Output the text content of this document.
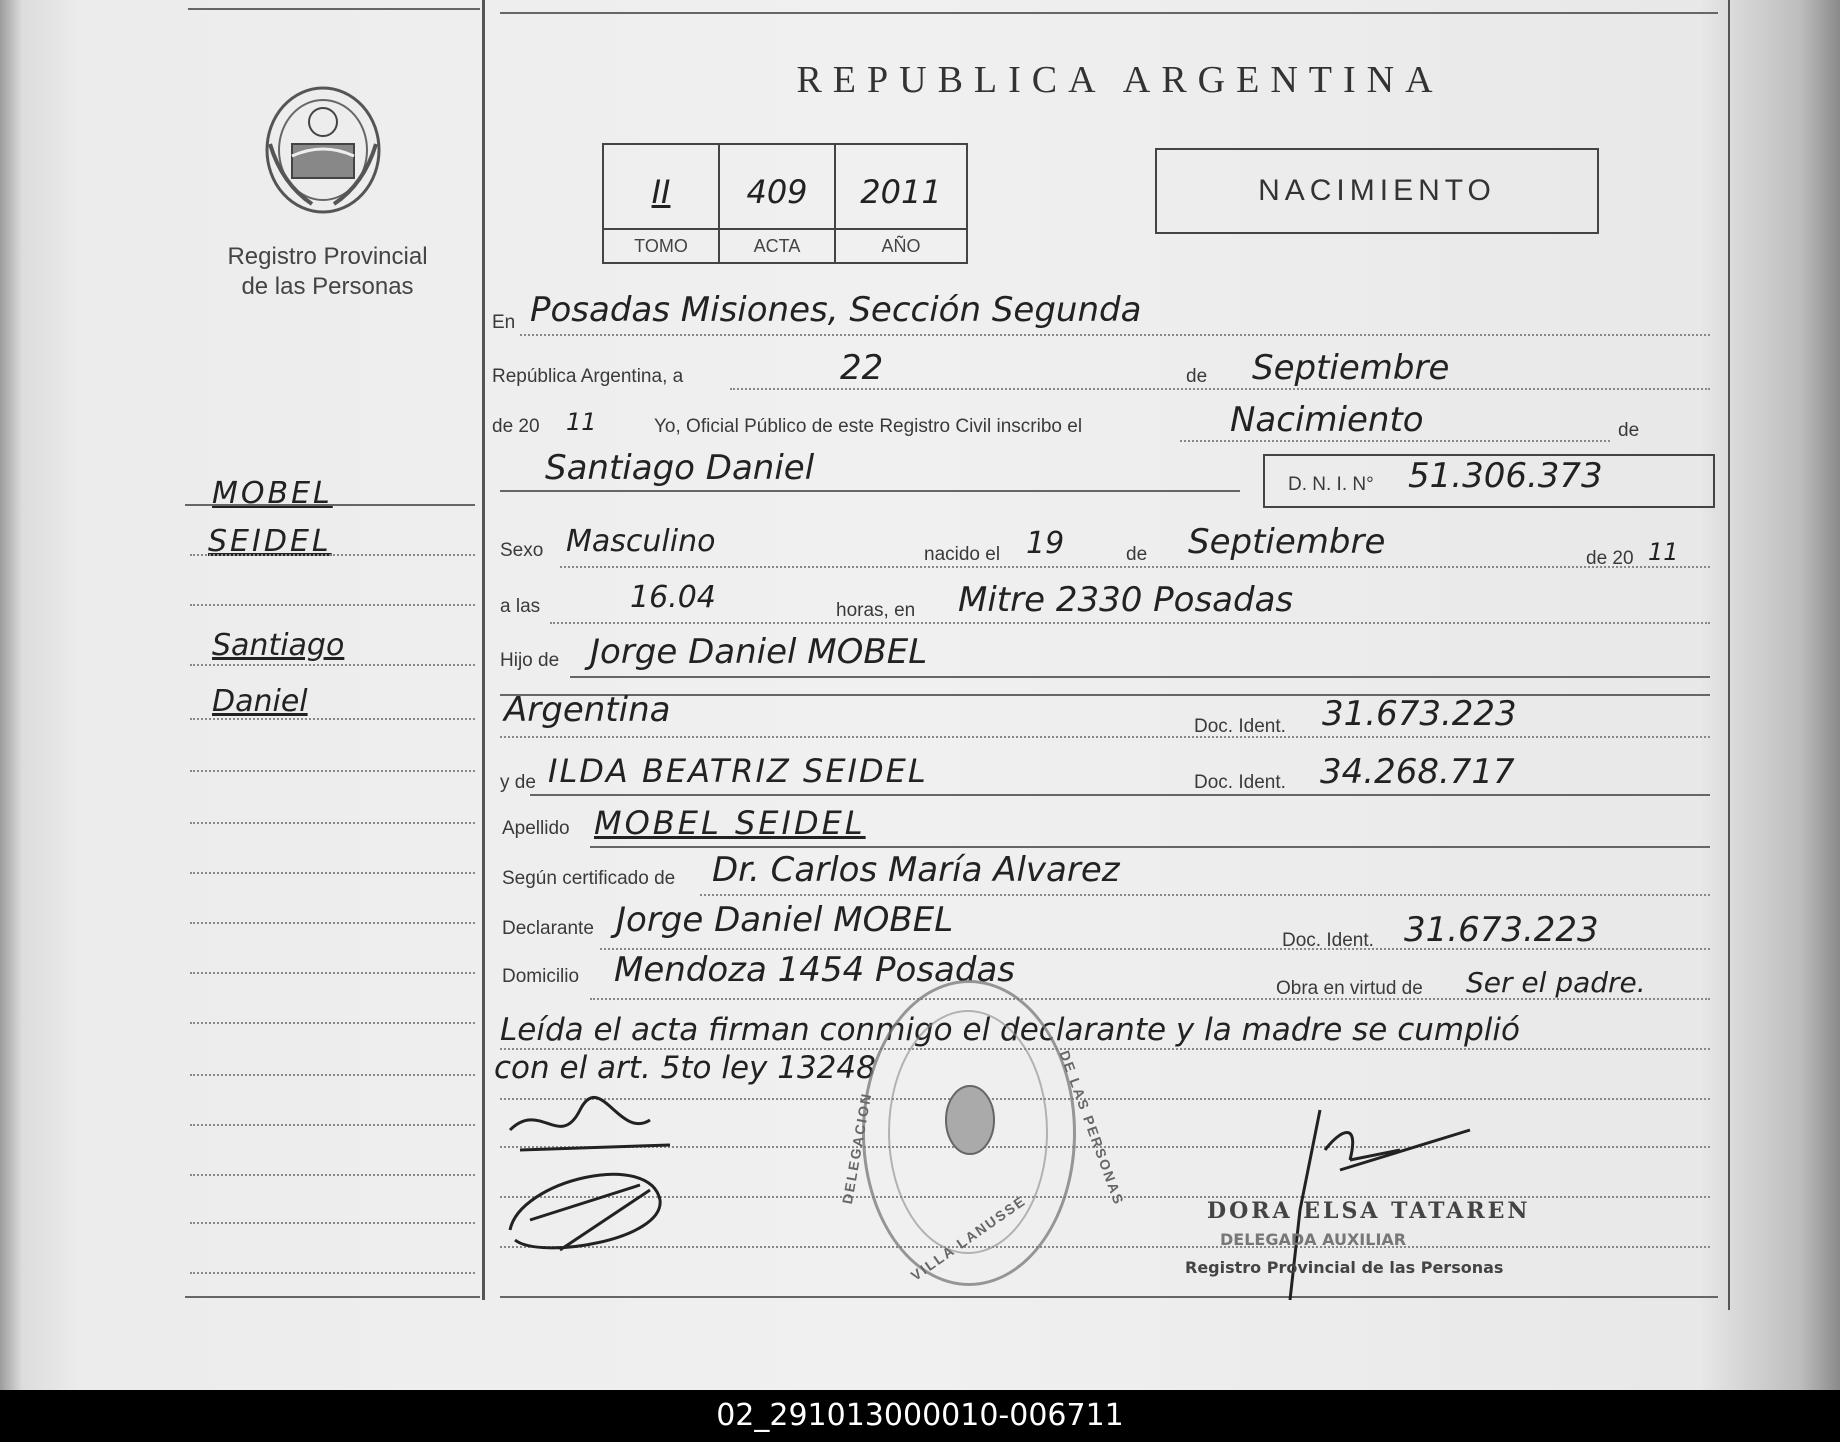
Registro Provincial
de las Personas
MOBEL
SEIDEL
Santiago
Daniel
REPUBLICA ARGENTINA
II	409	2011
TOMO	ACTA	AÑO
NACIMIENTO
En Posadas Misiones, Sección Segunda
República Argentina, a	22	de Septiembre
de 20 11	Yo, Oficial Público de este Registro Civil inscribo el	Nacimiento	de
Santiago Daniel	D. N. I. N° 51.306.373
Sexo Masculino	nacido el 19	de Septiembre	de 20 11
a las	16.04	horas, en Mitre 2330 Posadas
Hijo de Jorge Daniel MOBEL
Argentina	Doc. Ident. 31.673.223
y de ILDA BEATRIZ SEIDEL	Doc. Ident. 34.268.717
Apellido MOBEL SEIDEL
Según certificado de Dr. Carlos María Alvarez
Declarante Jorge Daniel MOBEL
Doc. Ident. 31.673.223
Domicilio Mendoza 1454 Posadas	Obra en virtud de Ser el padre.
Leída el acta firman conmigo el declarante y la madre se cumplió
con el art. 5to ley 13248
DELEGACION	DE LAS PERSONAS
VILLA LANUSSE	DORA ELSA TATAREN
DELEGADA AUXILIAR
Registro Provincial de las Personas
02_291013000010-006711
